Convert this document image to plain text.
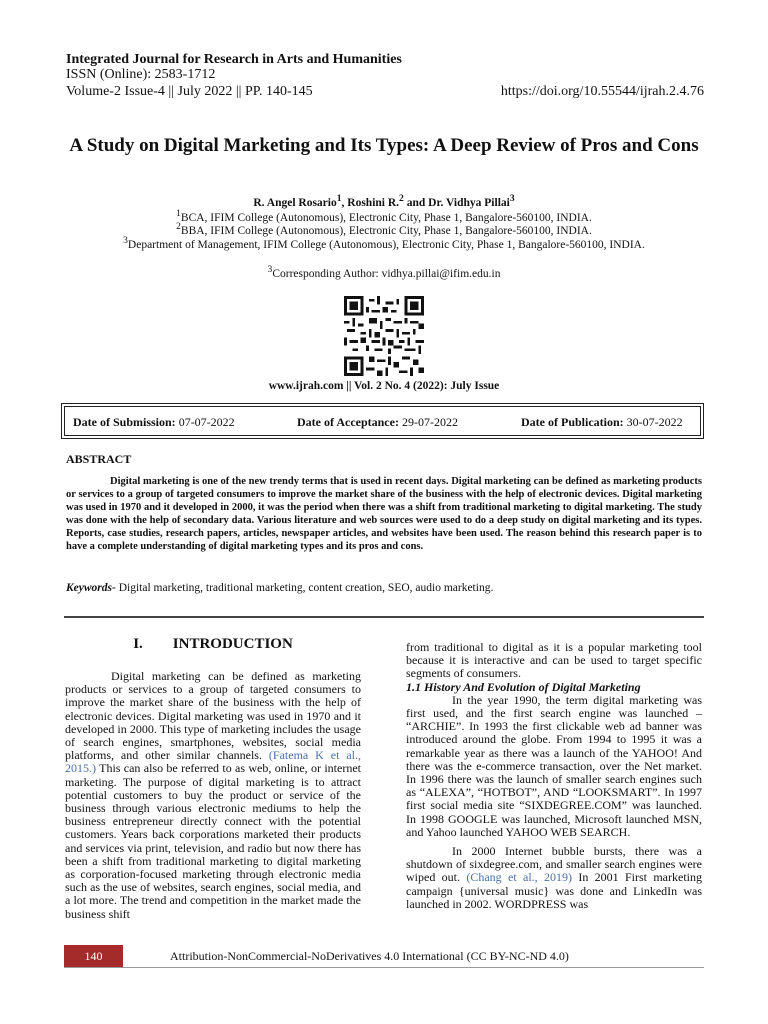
Integrated Journal for Research in Arts and Humanities
ISSN (Online): 2583-1712
Volume-2 Issue-4 || July 2022 || PP. 140-145	https://doi.org/10.55544/ijrah.2.4.76
A Study on Digital Marketing and Its Types: A Deep Review of Pros and Cons
R. Angel Rosario$^1$, Roshini R.$^2$ and Dr. Vidhya Pillai$^3$
$^1$BCA, IFIM College (Autonomous), Electronic City, Phase 1, Bangalore-560100, INDIA.
$^2$BBA, IFIM College (Autonomous), Electronic City, Phase 1, Bangalore-560100, INDIA.
$^3$Department of Management, IFIM College (Autonomous), Electronic City, Phase 1, Bangalore-560100, INDIA.
$^3$Corresponding Author: vidhya.pillai@ifim.edu.in
www.ijrah.com || Vol. 2 No. 4 (2022): July Issue
Date of Submission: 07-07-2022	Date of Acceptance: 29-07-2022	Date of Publication: 30-07-2022
ABSTRACT
Digital marketing is one of the new trendy terms that is used in recent days. Digital marketing can be defined as marketing products or services to a group of targeted consumers to improve the market share of the business with the help of electronic devices. Digital marketing was used in 1970 and it developed in 2000, it was the period when there was a shift from traditional marketing to digital marketing. The study was done with the help of secondary data. Various literature and web sources were used to do a deep study on digital marketing and its types. Reports, case studies, research papers, articles, newspaper articles, and websites have been used. The reason behind this research paper is to have a complete understanding of digital marketing types and its pros and cons.
Keywords- Digital marketing, traditional marketing, content creation, SEO, audio marketing.
I.        INTRODUCTION
Digital marketing can be defined as marketing products or services to a group of targeted consumers to improve the market share of the business with the help of electronic devices. Digital marketing was used in 1970 and it developed in 2000. This type of marketing includes the usage of search engines, smartphones, websites, social media platforms, and other similar channels. (Fatema K et al., 2015.) This can also be referred to as web, online, or internet marketing. The purpose of digital marketing is to attract potential customers to buy the product or service of the business through various electronic mediums to help the business entrepreneur directly connect with the potential customers. Years back corporations marketed their products and services via print, television, and radio but now there has been a shift from traditional marketing to digital marketing as corporation-focused marketing through electronic media such as the use of websites, search engines, social media, and a lot more. The trend and competition in the market made the business shift
from traditional to digital as it is a popular marketing tool because it is interactive and can be used to target specific segments of consumers.
1.1 History And Evolution of Digital Marketing
In the year 1990, the term digital marketing was first used, and the first search engine was launched – “ARCHIE”. In 1993 the first clickable web ad banner was introduced around the globe. From 1994 to 1995 it was a remarkable year as there was a launch of the YAHOO! And there was the e-commerce transaction, over the Net market. In 1996 there was the launch of smaller search engines such as “ALEXA”, “HOTBOT”, AND “LOOKSMART”. In 1997 first social media site “SIXDEGREE.COM” was launched. In 1998 GOOGLE was launched, Microsoft launched MSN, and Yahoo launched YAHOO WEB SEARCH.
In 2000 Internet bubble bursts, there was a shutdown of sixdegree.com, and smaller search engines were wiped out. (Chang et al., 2019) In 2001 First marketing campaign {universal music} was done and LinkedIn was launched in 2002. WORDPRESS was
140	Attribution-NonCommercial-NoDerivatives 4.0 International (CC BY-NC-ND 4.0)
